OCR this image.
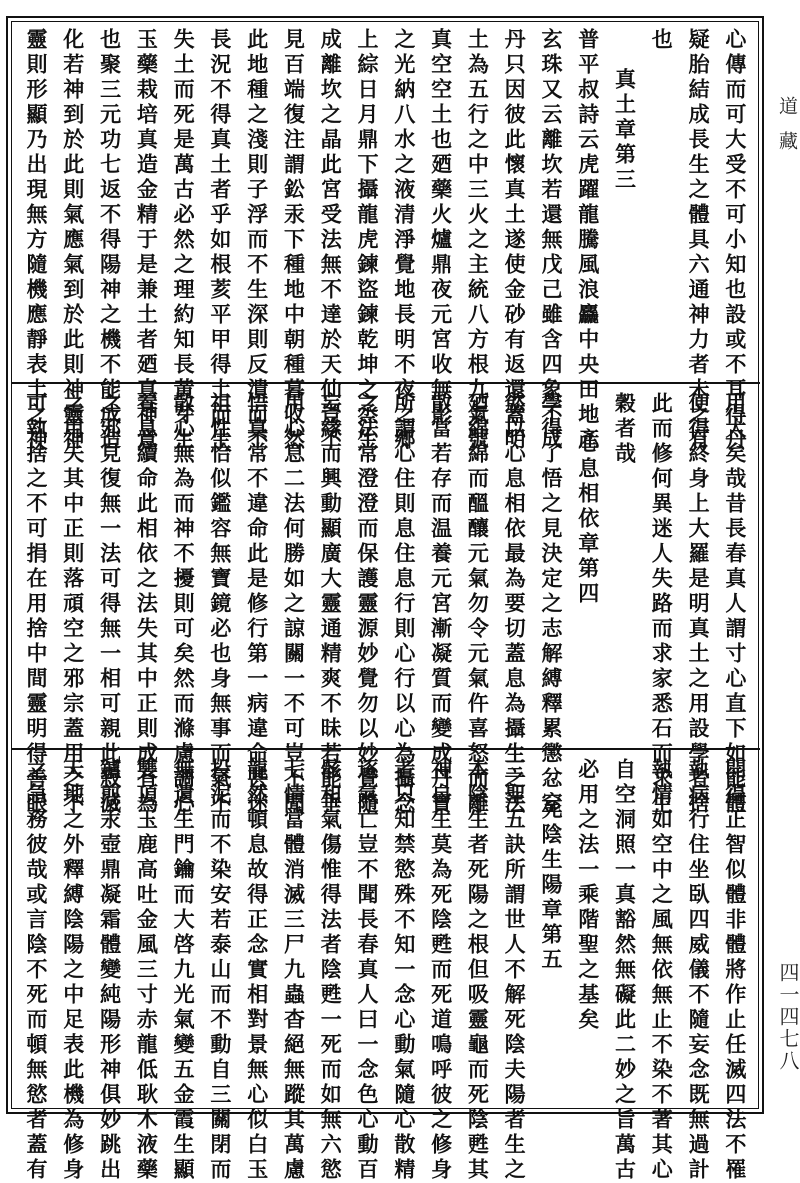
心傳而可大受不可小知也設或不耳得丹
疑胎結成長生之體具六通神力者未之有
也
真土章第三
普平叔詩云虎躍龍騰風浪麤中央田地產
玄珠又云離坎若還無戊己雖含四象不成
丹只因彼此懷真土遂使金砂有返還蓋明
土為五行之中三火之主統八方根九氣號
真空空土也廼藥火爐鼎夜元宮收無影
之光納八水之液清淨覺地長明不夜之鄉
上綜日月鼎下攝龍虎鍊盜鍊乾坤之烝生
成離坎之晶此宮受法無不達於天仙豈不
見百端復注謂鈆汞下種地中朝種暮收然
此地種之淺則子浮而不生深則反潰而不
長況不得真土者乎如根荄平甲得土而生
失土而死是萬古必然之理約知長黃芽生
玉藥栽培真造金精于是兼土者廼真神意
也聚三元功七返不得陽神之機不能成造
化若神到於此則氣應氣到於此則神靈神
靈則形顯乃出現無方隨機應靜表土之神
用大矣哉昔長春真人謂寸心直下如能體
便得終身上大羅是明真土之用設學者捨
此而修何異迷人失路而求家悉石而求生
穀者哉
心息相依章第四
學得了悟之見決定之志解縛釋累懲忿窒
慾以心息相依最為要切蓋息為攝生之法
廼綿綿而醞釀元氣勿令元氣仵喜怒而離
散當若存而温養元宮漸凝質而變成丹寶
所謂心住則息住息行則心行以心為攝念
之法常澄澄而保護靈源妙覺勿以妙覺隨
妄緣而興動顯廣大靈通精爽不昧若能垂
用心息二法何勝如之諒關一不可豈不聞
悟真常不違命此是修行第一病違命甚迷
祖性恰似鑑容無寶鏡必也身無事而氣不
散心無為而神不擾則可矣然而滌慮調心
養息續命此相依之法失其中正則成有為
之邪見復無一法可得無一相可親此寂滅
之用失其中正則落頑空之邪宗蓋用之不
可執捨之不可捐在用捨中間靈明得善眼
開得正智似體非體將作止任滅四法不罹
執病行住坐臥四威儀不隨妄念既無過計
執情如空中之風無依無止不染不著其心
自空洞照一真豁然無礙此二妙之旨萬古
必用之法一乘階聖之基矣
死陰生陽章第五
三聖五訣所謂世人不解死陰夫陽者生之
本陰生者死陽之根但吸靈龜而死陰甦其
神自生莫為死陰甦而死道鳴呼彼之修身
者只知禁慾殊不知一念心動氣隨心散精
逐氣亡豈不聞長春真人曰一念色心動百
骸和氣傷惟得法者陰甦一死而如無六慾
七情當體消滅三尸九蟲杳絕無蹤其萬慮
龍然頓息故得正念實相對景無心似白玉
投泥而不染安若泰山而不動自三關閉而
無遺生門鑰而大啓九光氣變五金霞生顯
雙頂玉鹿高吐金風三寸赤龍低耿木液藥
鑪煎汞壺鼎凝霜體變純陽形神俱妙跳出
天地之外釋縛陰陽之中足表此機為修身
之急務彼哉或言陰不死而頓無慾者蓋有
道藏
四一四七八
